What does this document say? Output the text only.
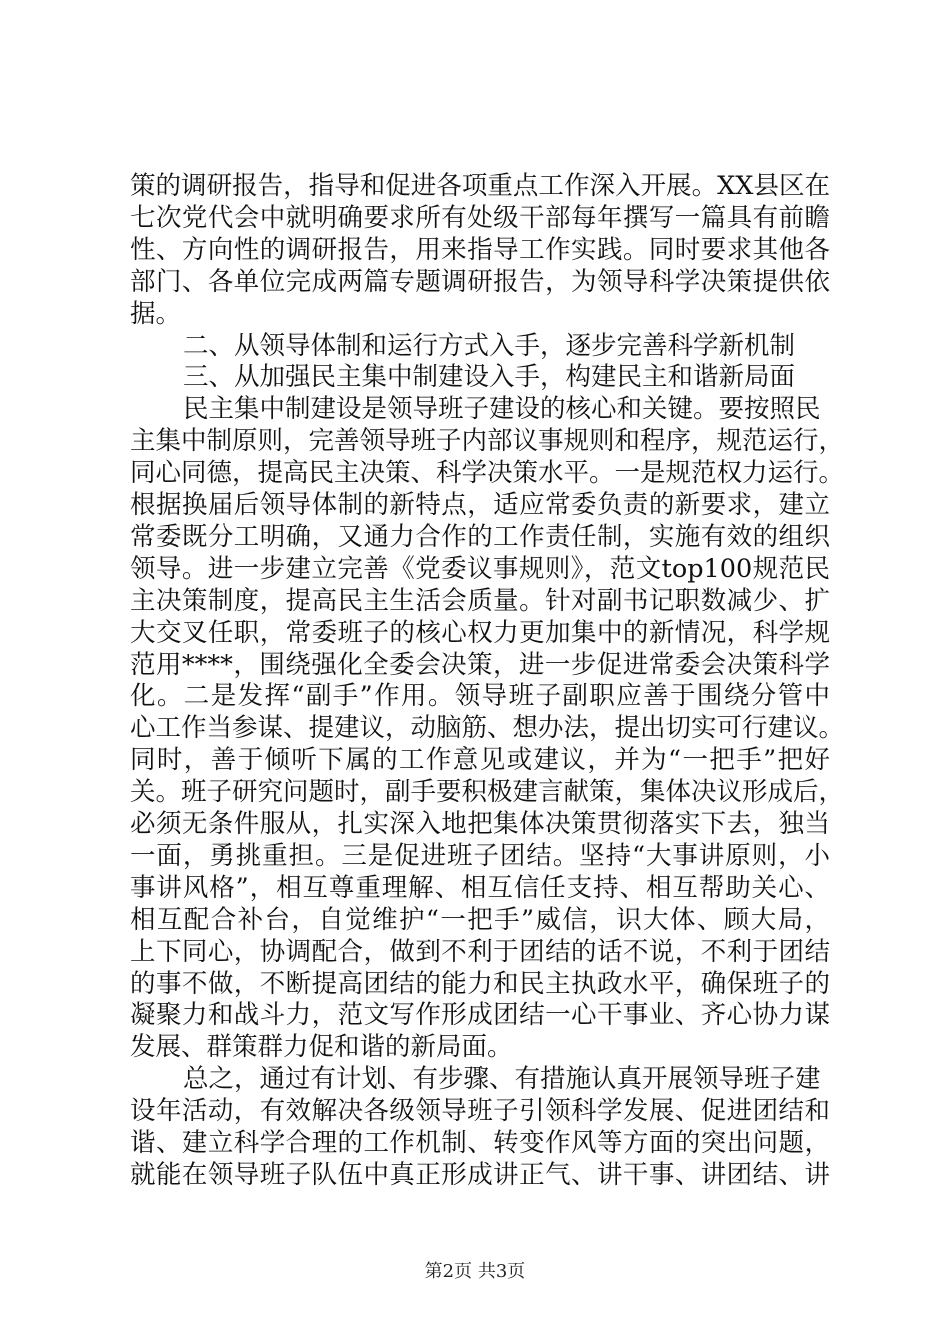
策的调研报告，指导和促进各项重点工作深入开展。XX县区在
七次党代会中就明确要求所有处级干部每年撰写一篇具有前瞻
性、方向性的调研报告，用来指导工作实践。同时要求其他各
部门、各单位完成两篇专题调研报告，为领导科学决策提供依
据。
二、从领导体制和运行方式入手，逐步完善科学新机制
三、从加强民主集中制建设入手，构建民主和谐新局面
民主集中制建设是领导班子建设的核心和关键。要按照民
主集中制原则，完善领导班子内部议事规则和程序，规范运行，
同心同德，提高民主决策、科学决策水平。一是规范权力运行。
根据换届后领导体制的新特点，适应常委负责的新要求，建立
常委既分工明确，又通力合作的工作责任制，实施有效的组织
领导。进一步建立完善《党委议事规则》，范文top100规范民
主决策制度，提高民主生活会质量。针对副书记职数减少、扩
大交叉任职，常委班子的核心权力更加集中的新情况，科学规
范用****，围绕强化全委会决策，进一步促进常委会决策科学
化。二是发挥“副手”作用。领导班子副职应善于围绕分管中
心工作当参谋、提建议，动脑筋、想办法，提出切实可行建议。
同时，善于倾听下属的工作意见或建议，并为“一把手”把好
关。班子研究问题时，副手要积极建言献策，集体决议形成后，
必须无条件服从，扎实深入地把集体决策贯彻落实下去，独当
一面，勇挑重担。三是促进班子团结。坚持“大事讲原则，小
事讲风格”，相互尊重理解、相互信任支持、相互帮助关心、
相互配合补台，自觉维护“一把手”威信，识大体、顾大局，
上下同心，协调配合，做到不利于团结的话不说，不利于团结
的事不做，不断提高团结的能力和民主执政水平，确保班子的
凝聚力和战斗力，范文写作形成团结一心干事业、齐心协力谋
发展、群策群力促和谐的新局面。
总之，通过有计划、有步骤、有措施认真开展领导班子建
设年活动，有效解决各级领导班子引领科学发展、促进团结和
谐、建立科学合理的工作机制、转变作风等方面的突出问题，
就能在领导班子队伍中真正形成讲正气、讲干事、讲团结、讲
第2页 共3页
